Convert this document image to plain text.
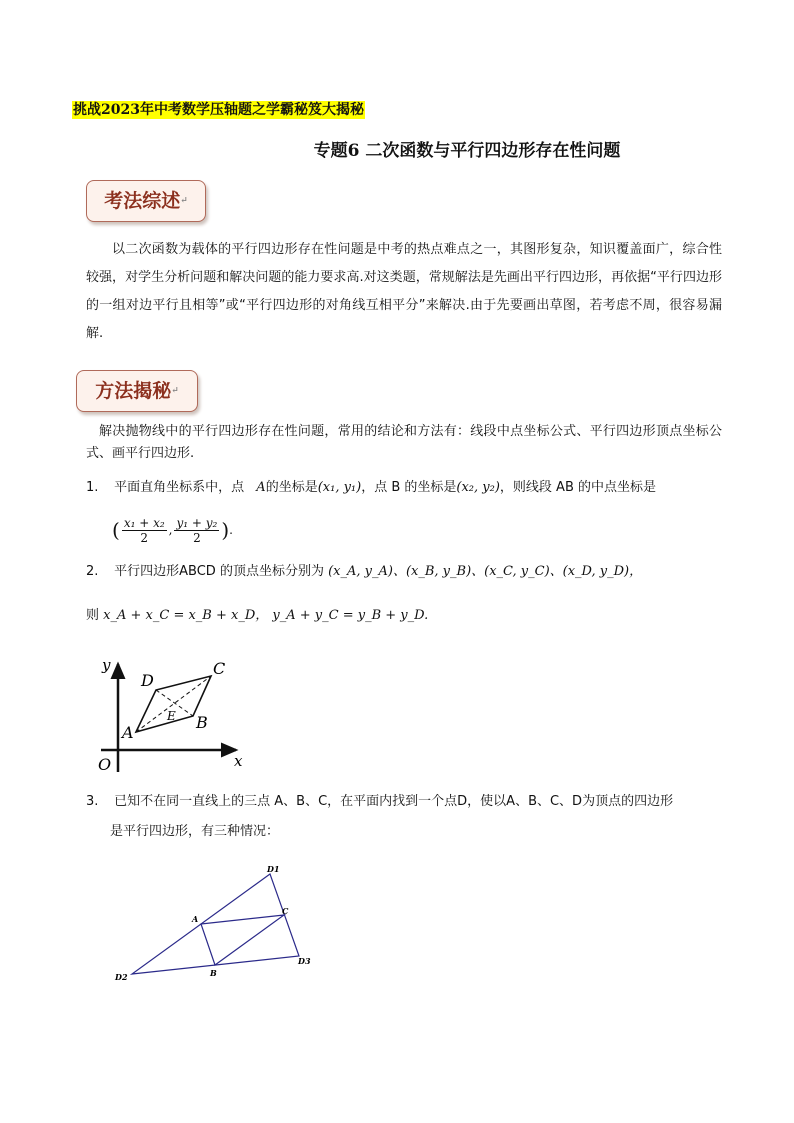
挑战2023年中考数学压轴题之学霸秘笈大揭秘
专题6 二次函数与平行四边形存在性问题
考法综述↵
以二次函数为载体的平行四边形存在性问题是中考的热点难点之一，其图形复杂，知识覆盖面广，综合性较强，对学生分析问题和解决问题的能力要求高.对这类题，常规解法是先画出平行四边形，再依据“平行四边形的一组对边平行且相等”或“平行四边形的对角线互相平分”来解决.由于先要画出草图，若考虑不周，很容易漏解.
方法揭秘↵
解决抛物线中的平行四边形存在性问题，常用的结论和方法有：线段中点坐标公式、平行四边形顶点坐标公式、画平行四边形.
1. 平面直角坐标系中，点 A的坐标是(x₁, y₁)，点 B 的坐标是(x₂, y₂)，则线段 AB 的中点坐标是
( $\frac{\text{x₁ + x₂}}{2}$ , $\frac{\text{y₁ + y₂}}{2}$ ) .
2. 平行四边形ABCD 的顶点坐标分别为 (x_A, y_A)、(x_B, y_B)、(x_C, y_C)、(x_D, y_D)，
则 x_A + x_C = x_B + x_D， y_A + y_C = y_B + y_D.
y
O	x
A
B
C
D
E
3. 已知不在同一直线上的三点 A、B、C，在平面内找到一个点D，使以A、B、C、D为顶点的四边形
是平行四边形，有三种情况：
D1
A
C
B
D2
D3
